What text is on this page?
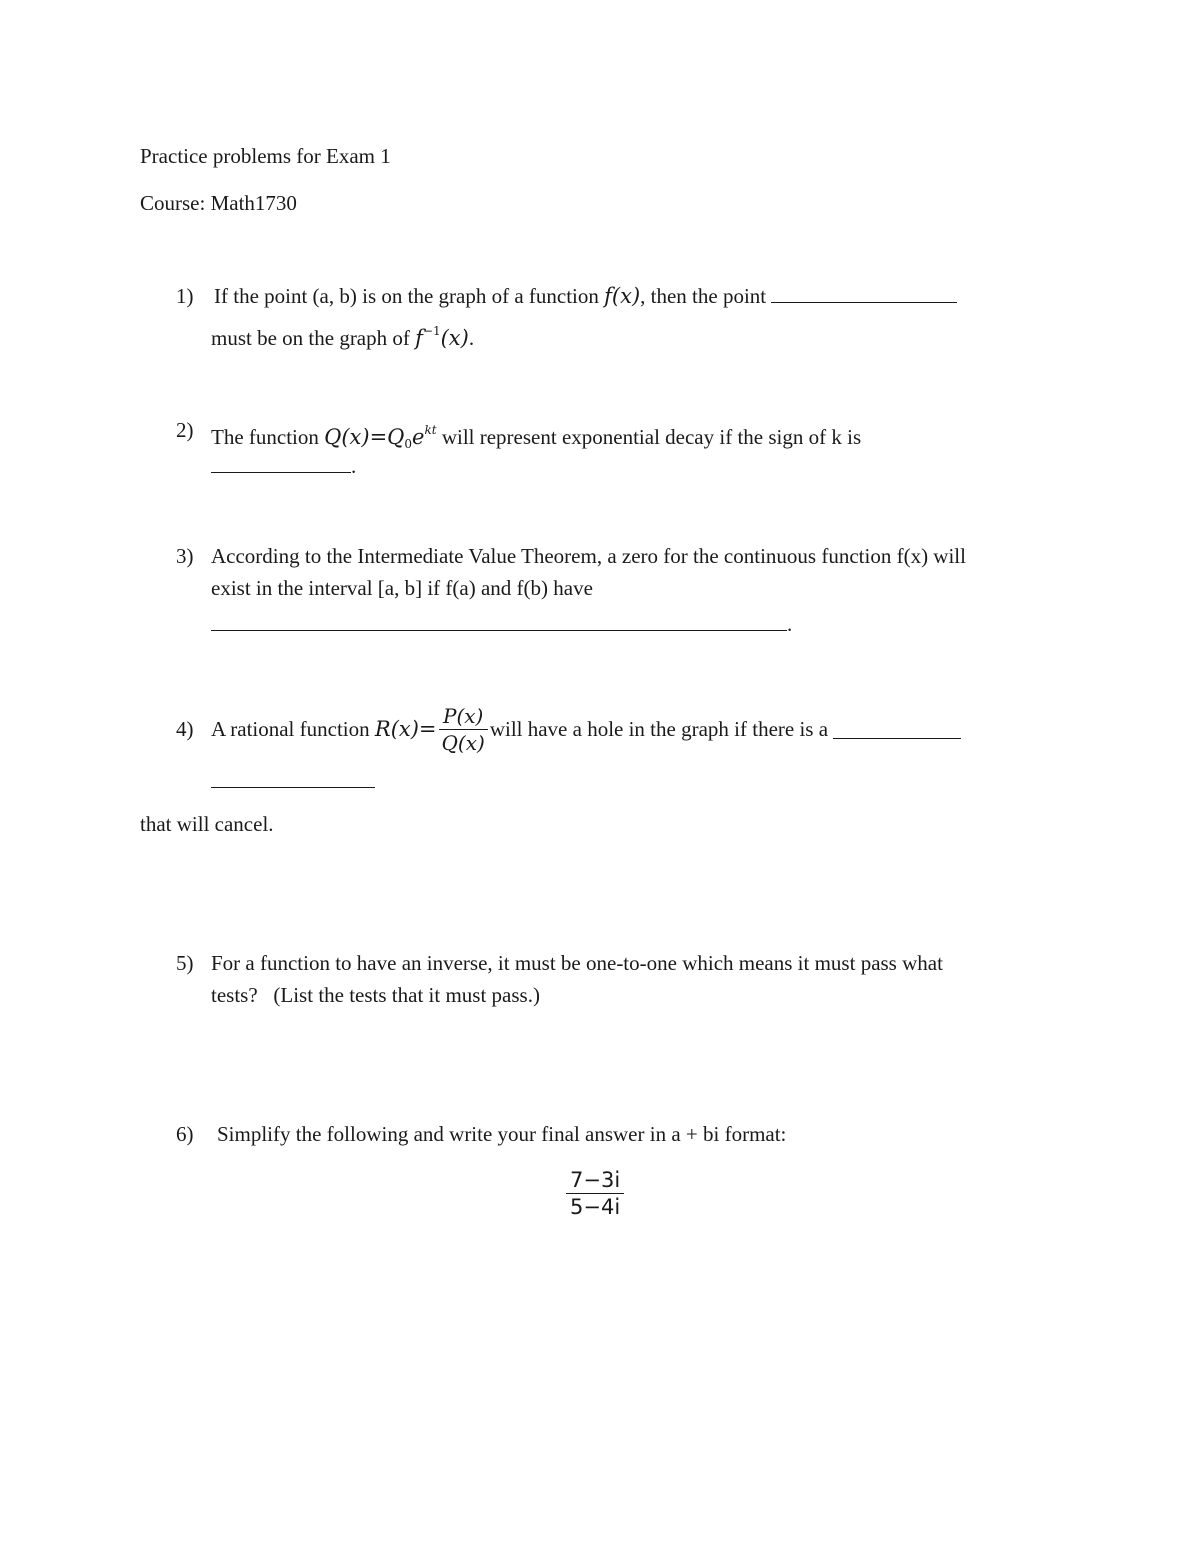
Practice problems for Exam 1
Course: Math1730
1) If the point (a, b) is on the graph of a function f(x), then the point
must be on the graph of $f^{-1}(x)$.
2) The function $Q(x)=Q_0e^{kt}$ will represent exponential decay if the sign of k is
.
3) According to the Intermediate Value Theorem, a zero for the continuous function f(x) will
exist in the interval [a, b] if f(a) and f(b) have
.
4) A rational function
$R(x)= \frac{P(x)}{Q(x)}$ will have a hole in the graph if there is a

that will cancel.
5) For a function to have an inverse, it must be one-to-one which means it must pass what
tests?   (List the tests that it must pass.)
6) Simplify the following and write your final answer in a + bi format:
7−3i
5−4i
